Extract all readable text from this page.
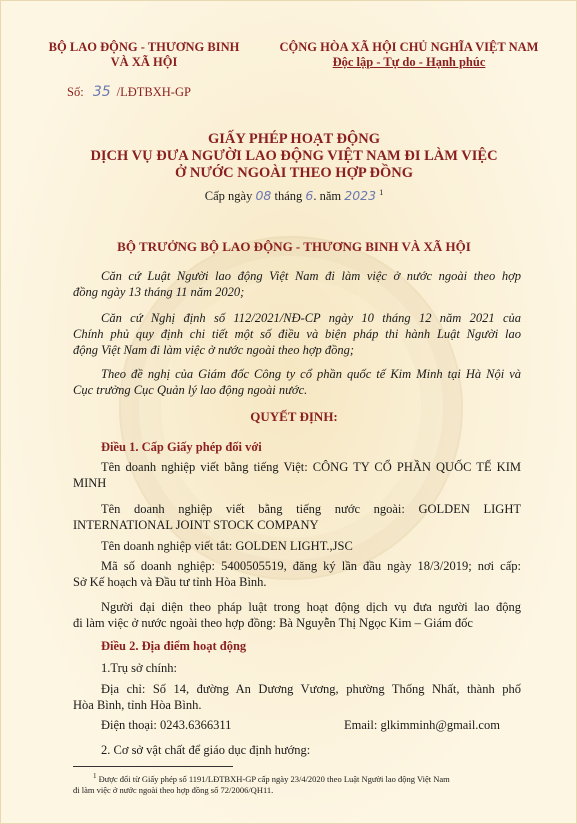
BỘ LAO ĐỘNG - THƯƠNG BINH
VÀ XÃ HỘI
CỘNG HÒA XÃ HỘI CHỦ NGHĨA VIỆT NAM
Độc lập - Tự do - Hạnh phúc
Số: 35 /LĐTBXH-GP
GIẤY PHÉP HOẠT ĐỘNG
DỊCH VỤ ĐƯA NGƯỜI LAO ĐỘNG VIỆT NAM ĐI LÀM VIỆC
Ở NƯỚC NGOÀI THEO HỢP ĐỒNG
Cấp ngày 08 tháng 6. năm 2023 $^1$
BỘ TRƯỞNG BỘ LAO ĐỘNG - THƯƠNG BINH VÀ XÃ HỘI
Căn cứ Luật Người lao động Việt Nam đi làm việc ở nước ngoài theo hợp
đồng ngày 13 tháng 11 năm 2020;
Căn cứ Nghị định số 112/2021/NĐ-CP ngày 10 tháng 12 năm 2021 của
Chính phủ quy định chi tiết một số điều và biện pháp thi hành Luật Người lao
động Việt Nam đi làm việc ở nước ngoài theo hợp đồng;
Theo đề nghị của Giám đốc Công ty cổ phần quốc tế Kim Minh tại Hà Nội và
Cục trưởng Cục Quản lý lao động ngoài nước.
QUYẾT ĐỊNH:
Điều 1. Cấp Giấy phép đối với
Tên doanh nghiệp viết bằng tiếng Việt: CÔNG TY CỔ PHẦN QUỐC TẾ KIM
MINH
Tên doanh nghiệp viết bằng tiếng nước ngoài: GOLDEN LIGHT
INTERNATIONAL JOINT STOCK COMPANY
Tên doanh nghiệp viết tắt: GOLDEN LIGHT.,JSC
Mã số doanh nghiệp: 5400505519, đăng ký lần đầu ngày 18/3/2019; nơi cấp:
Sở Kế hoạch và Đầu tư tỉnh Hòa Bình.
Người đại diện theo pháp luật trong hoạt động dịch vụ đưa người lao động
đi làm việc ở nước ngoài theo hợp đồng: Bà Nguyễn Thị Ngọc Kim – Giám đốc
Điều 2. Địa điểm hoạt động
1.Trụ sở chính:
Địa chỉ: Số 14, đường An Dương Vương, phường Thống Nhất, thành phố
Hòa Bình, tỉnh Hòa Bình.
Điện thoại: 0243.6366311	Email: glkimminh@gmail.com
2. Cơ sở vật chất để giáo dục định hướng:
$^1$ Được đổi từ Giấy phép số 1191/LĐTBXH-GP cấp ngày 23/4/2020 theo Luật Người lao động Việt Nam
đi làm việc ở nước ngoài theo hợp đồng số 72/2006/QH11.
